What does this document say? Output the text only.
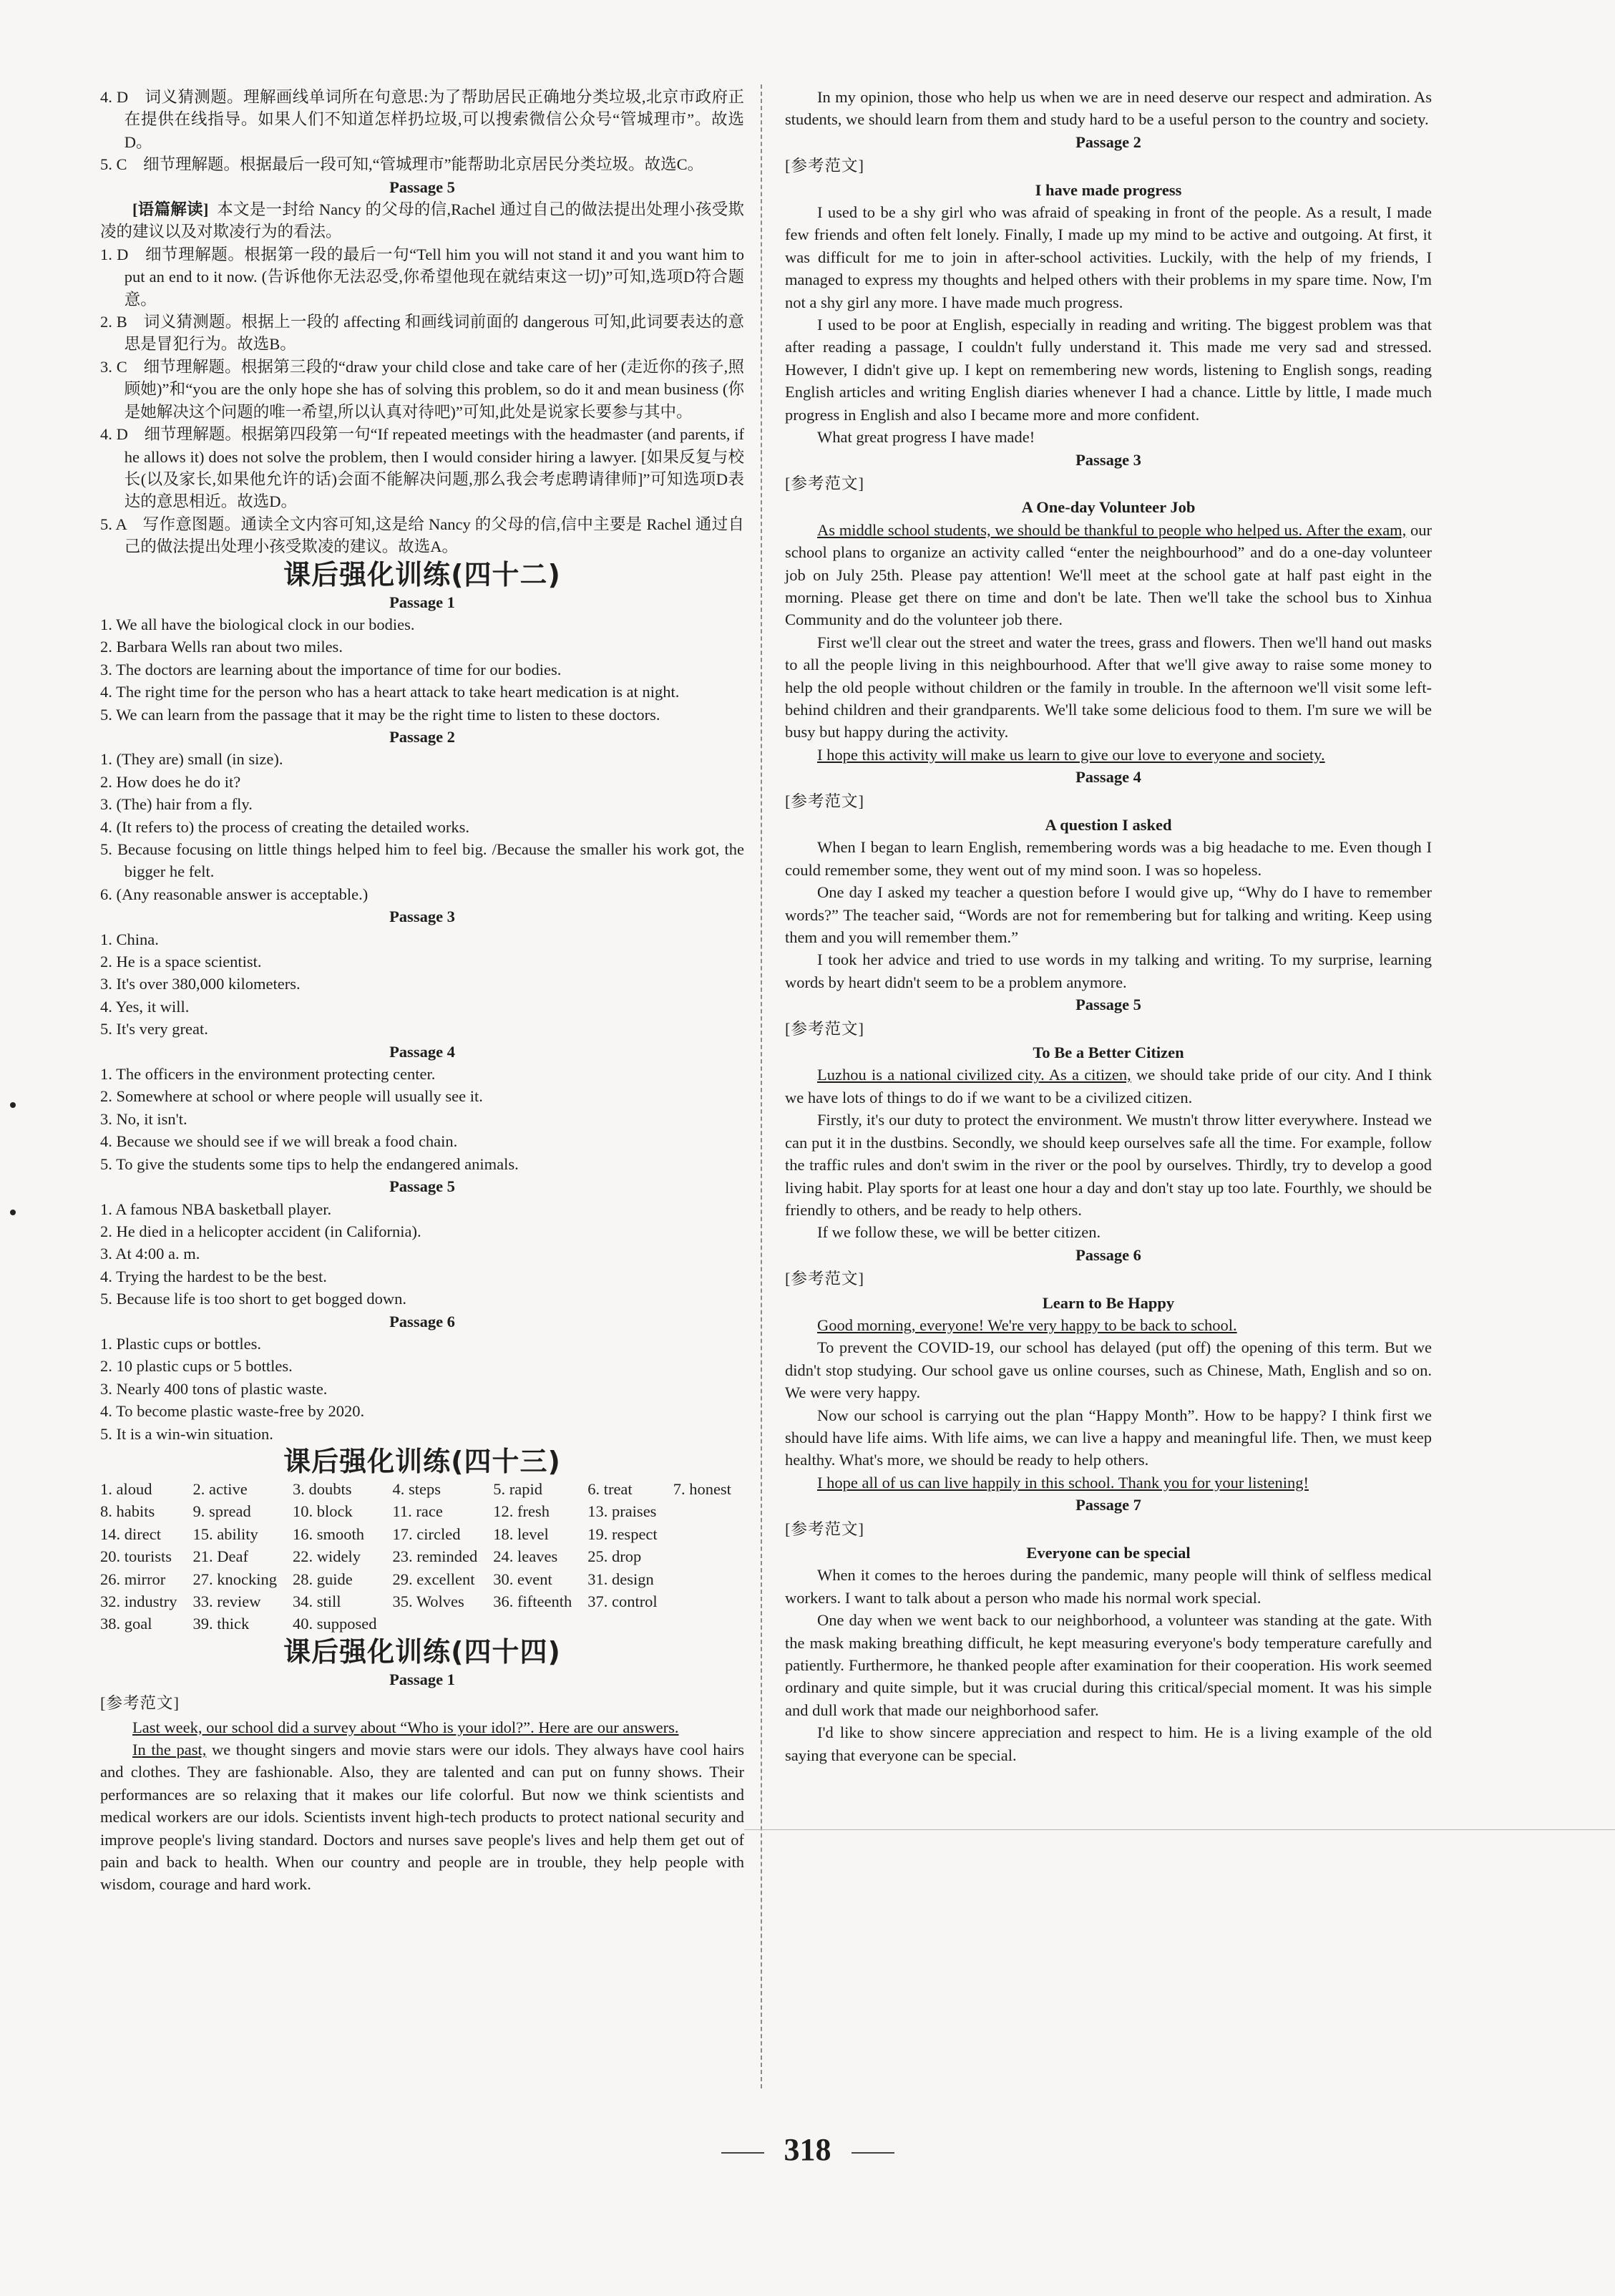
4. D　词义猜测题。理解画线单词所在句意思:为了帮助居民正确地分类垃圾,北京市政府正在提供在线指导。如果人们不知道怎样扔垃圾,可以搜索微信公众号“管城理市”。故选D。

5. C　细节理解题。根据最后一段可知,“管城理市”能帮助北京居民分类垃圾。故选C。

Passage 5

[语篇解读] 本文是一封给 Nancy 的父母的信,Rachel 通过自己的做法提出处理小孩受欺凌的建议以及对欺凌行为的看法。

1. D　细节理解题。根据第一段的最后一句“Tell him you will not stand it and you want him to put an end to it now. (告诉他你无法忍受,你希望他现在就结束这一切)”可知,选项D符合题意。

2. B　词义猜测题。根据上一段的 affecting 和画线词前面的 dangerous 可知,此词要表达的意思是冒犯行为。故选B。

3. C　细节理解题。根据第三段的“draw your child close and take care of her (走近你的孩子,照顾她)”和“you are the only hope she has of solving this problem, so do it and mean business (你是她解决这个问题的唯一希望,所以认真对待吧)”可知,此处是说家长要参与其中。

4. D　细节理解题。根据第四段第一句“If repeated meetings with the headmaster (and parents, if he allows it) does not solve the problem, then I would consider hiring a lawyer. [如果反复与校长(以及家长,如果他允许的话)会面不能解决问题,那么我会考虑聘请律师]”可知选项D表达的意思相近。故选D。

5. A　写作意图题。通读全文内容可知,这是给 Nancy 的父母的信,信中主要是 Rachel 通过自己的做法提出处理小孩受欺凌的建议。故选A。

课后强化训练(四十二)

Passage 1

1. We all have the biological clock in our bodies.

2. Barbara Wells ran about two miles.

3. The doctors are learning about the importance of time for our bodies.

4. The right time for the person who has a heart attack to take heart medication is at night.

5. We can learn from the passage that it may be the right time to listen to these doctors.

Passage 2

1. (They are) small (in size).

2. How does he do it?

3. (The) hair from a fly.

4. (It refers to) the process of creating the detailed works.

5. Because focusing on little things helped him to feel big. /Because the smaller his work got, the bigger he felt.

6. (Any reasonable answer is acceptable.)

Passage 3

1. China.

2. He is a space scientist.

3. It's over 380,000 kilometers.

4. Yes, it will.

5. It's very great.

Passage 4

1. The officers in the environment protecting center.

2. Somewhere at school or where people will usually see it.

3. No, it isn't.

4. Because we should see if we will break a food chain.

5. To give the students some tips to help the endangered animals.

Passage 5

1. A famous NBA basketball player.

2. He died in a helicopter accident (in California).

3. At 4:00 a. m.

4. Trying the hardest to be the best.

5. Because life is too short to get bogged down.

Passage 6

1. Plastic cups or bottles.

2. 10 plastic cups or 5 bottles.

3. Nearly 400 tons of plastic waste.

4. To become plastic waste-free by 2020.

5. It is a win-win situation.

课后强化训练(四十三)

1. aloud	2. active	3. doubts	4. steps	5. rapid	6. treat	7. honest
8. habits	9. spread	10. block	11. race	12. fresh	13. praises
14. direct	15. ability	16. smooth	17. circled	18. level	19. respect
20. tourists	21. Deaf	22. widely	23. reminded 24. leaves	25. drop
26. mirror	27. knocking 28. guide	29. excellent 30. event	31. design
32. industry 33. review	34. still	35. Wolves	36. fifteenth 37. control
38. goal	39. thick	40. supposed

课后强化训练(四十四)

Passage 1

[参考范文]

Last week, our school did a survey about “Who is your idol?”. Here are our answers.

In the past, we thought singers and movie stars were our idols. They always have cool hairs and clothes. They are fashionable. Also, they are talented and can put on funny shows. Their performances are so relaxing that it makes our life colorful. But now we think scientists and medical workers are our idols. Scientists invent high-tech products to protect national security and improve people's living standard. Doctors and nurses save people's lives and help them get out of pain and back to health. When our country and people are in trouble, they help people with wisdom, courage and hard work.

In my opinion, those who help us when we are in need deserve our respect and admiration. As students, we should learn from them and study hard to be a useful person to the country and society.

Passage 2

[参考范文]

I have made progress

I used to be a shy girl who was afraid of speaking in front of the people. As a result, I made few friends and often felt lonely. Finally, I made up my mind to be active and outgoing. At first, it was difficult for me to join in after-school activities. Luckily, with the help of my friends, I managed to express my thoughts and helped others with their problems in my spare time. Now, I'm not a shy girl any more. I have made much progress.

I used to be poor at English, especially in reading and writing. The biggest problem was that after reading a passage, I couldn't fully understand it. This made me very sad and stressed. However, I didn't give up. I kept on remembering new words, listening to English songs, reading English articles and writing English diaries whenever I had a chance. Little by little, I made much progress in English and also I became more and more confident.

What great progress I have made!

Passage 3

[参考范文]

A One-day Volunteer Job

As middle school students, we should be thankful to people who helped us. After the exam, our school plans to organize an activity called “enter the neighbourhood” and do a one-day volunteer job on July 25th. Please pay attention! We'll meet at the school gate at half past eight in the morning. Please get there on time and don't be late. Then we'll take the school bus to Xinhua Community and do the volunteer job there.

First we'll clear out the street and water the trees, grass and flowers. Then we'll hand out masks to all the people living in this neighbourhood. After that we'll give away to raise some money to help the old people without children or the family in trouble. In the afternoon we'll visit some left-behind children and their grandparents. We'll take some delicious food to them. I'm sure we will be busy but happy during the activity.

I hope this activity will make us learn to give our love to everyone and society.

Passage 4

[参考范文]

A question I asked

When I began to learn English, remembering words was a big headache to me. Even though I could remember some, they went out of my mind soon. I was so hopeless.

One day I asked my teacher a question before I would give up, “Why do I have to remember words?” The teacher said, “Words are not for remembering but for talking and writing. Keep using them and you will remember them.”

I took her advice and tried to use words in my talking and writing. To my surprise, learning words by heart didn't seem to be a problem anymore.

Passage 5

[参考范文]

To Be a Better Citizen

Luzhou is a national civilized city. As a citizen, we should take pride of our city. And I think we have lots of things to do if we want to be a civilized citizen.

Firstly, it's our duty to protect the environment. We mustn't throw litter everywhere. Instead we can put it in the dustbins. Secondly, we should keep ourselves safe all the time. For example, follow the traffic rules and don't swim in the river or the pool by ourselves. Thirdly, try to develop a good living habit. Play sports for at least one hour a day and don't stay up too late. Fourthly, we should be friendly to others, and be ready to help others.

If we follow these, we will be better citizen.

Passage 6

[参考范文]

Learn to Be Happy

Good morning, everyone! We're very happy to be back to school.

To prevent the COVID-19, our school has delayed (put off) the opening of this term. But we didn't stop studying. Our school gave us online courses, such as Chinese, Math, English and so on. We were very happy.

Now our school is carrying out the plan “Happy Month”. How to be happy? I think first we should have life aims. With life aims, we can live a happy and meaningful life. Then, we must keep healthy. What's more, we should be ready to help others.

I hope all of us can live happily in this school. Thank you for your listening!

Passage 7

[参考范文]

Everyone can be special

When it comes to the heroes during the pandemic, many people will think of selfless medical workers. I want to talk about a person who made his normal work special.

One day when we went back to our neighborhood, a volunteer was standing at the gate. With the mask making breathing difficult, he kept measuring everyone's body temperature carefully and patiently. Furthermore, he thanked people after examination for their cooperation. His work seemed ordinary and quite simple, but it was crucial during this critical/special moment. It was his simple and dull work that made our neighborhood safer.

I'd like to show sincere appreciation and respect to him. He is a living example of the old saying that everyone can be special.

318
